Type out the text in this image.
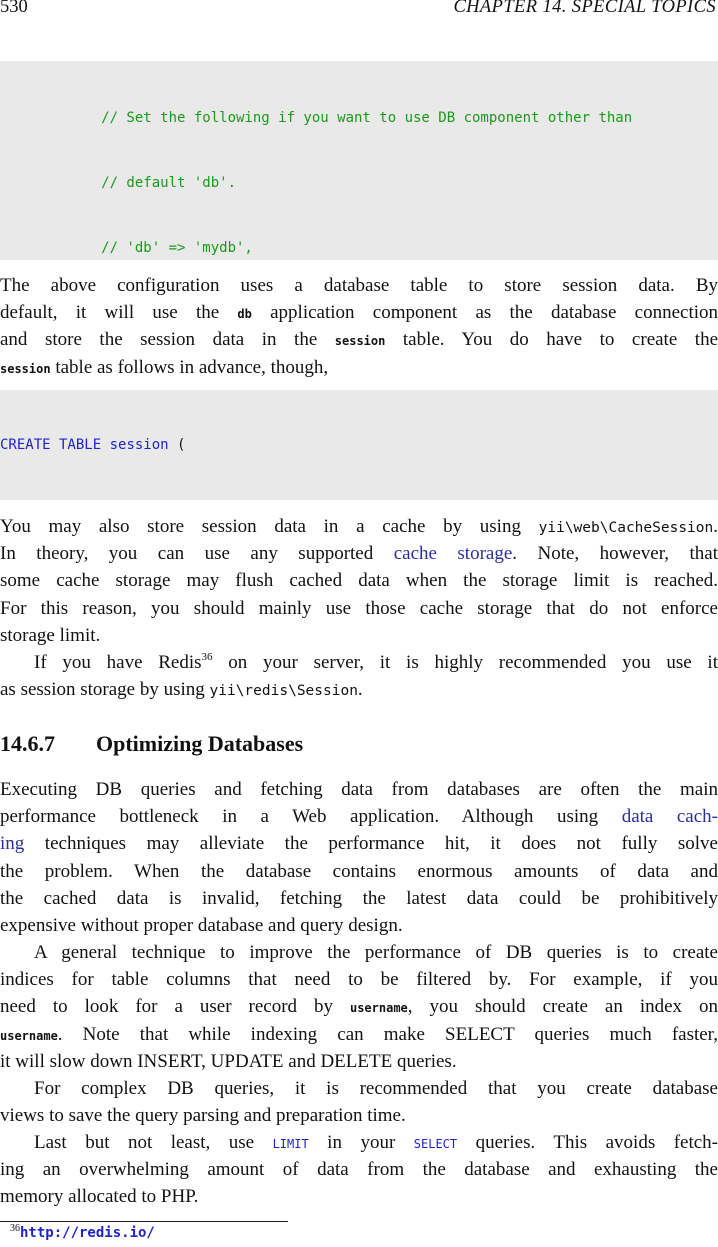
530	CHAPTER 14. SPECIAL TOPICS

// Set the following if you want to use DB component other than

// default 'db'.

// 'db' => 'mydb',

The above configuration uses a database table to store session data. By
default, it will use the db application component as the database connection
and store the session data in the session table. You do have to create the
session table as follows in advance, though,

CREATE TABLE session (

You may also store session data in a cache by using yii\web\CacheSession.
In theory, you can use any supported cache storage. Note, however, that
some cache storage may flush cached data when the storage limit is reached.
For this reason, you should mainly use those cache storage that do not enforce
storage limit.
If you have Redis$^{36}$ on your server, it is highly recommended you use it
as session storage by using yii\redis\Session.
14.6.7 Optimizing Databases
Executing DB queries and fetching data from databases are often the main
performance bottleneck in a Web application. Although using data cach-
ing techniques may alleviate the performance hit, it does not fully solve
the problem. When the database contains enormous amounts of data and
the cached data is invalid, fetching the latest data could be prohibitively
expensive without proper database and query design.
A general technique to improve the performance of DB queries is to create
indices for table columns that need to be filtered by. For example, if you
need to look for a user record by username, you should create an index on
username. Note that while indexing can make SELECT queries much faster,
it will slow down INSERT, UPDATE and DELETE queries.
For complex DB queries, it is recommended that you create database
views to save the query parsing and preparation time.
Last but not least, use LIMIT in your SELECT queries. This avoids fetch-
ing an overwhelming amount of data from the database and exhausting the
memory allocated to PHP.
$^{36}$http://redis.io/
